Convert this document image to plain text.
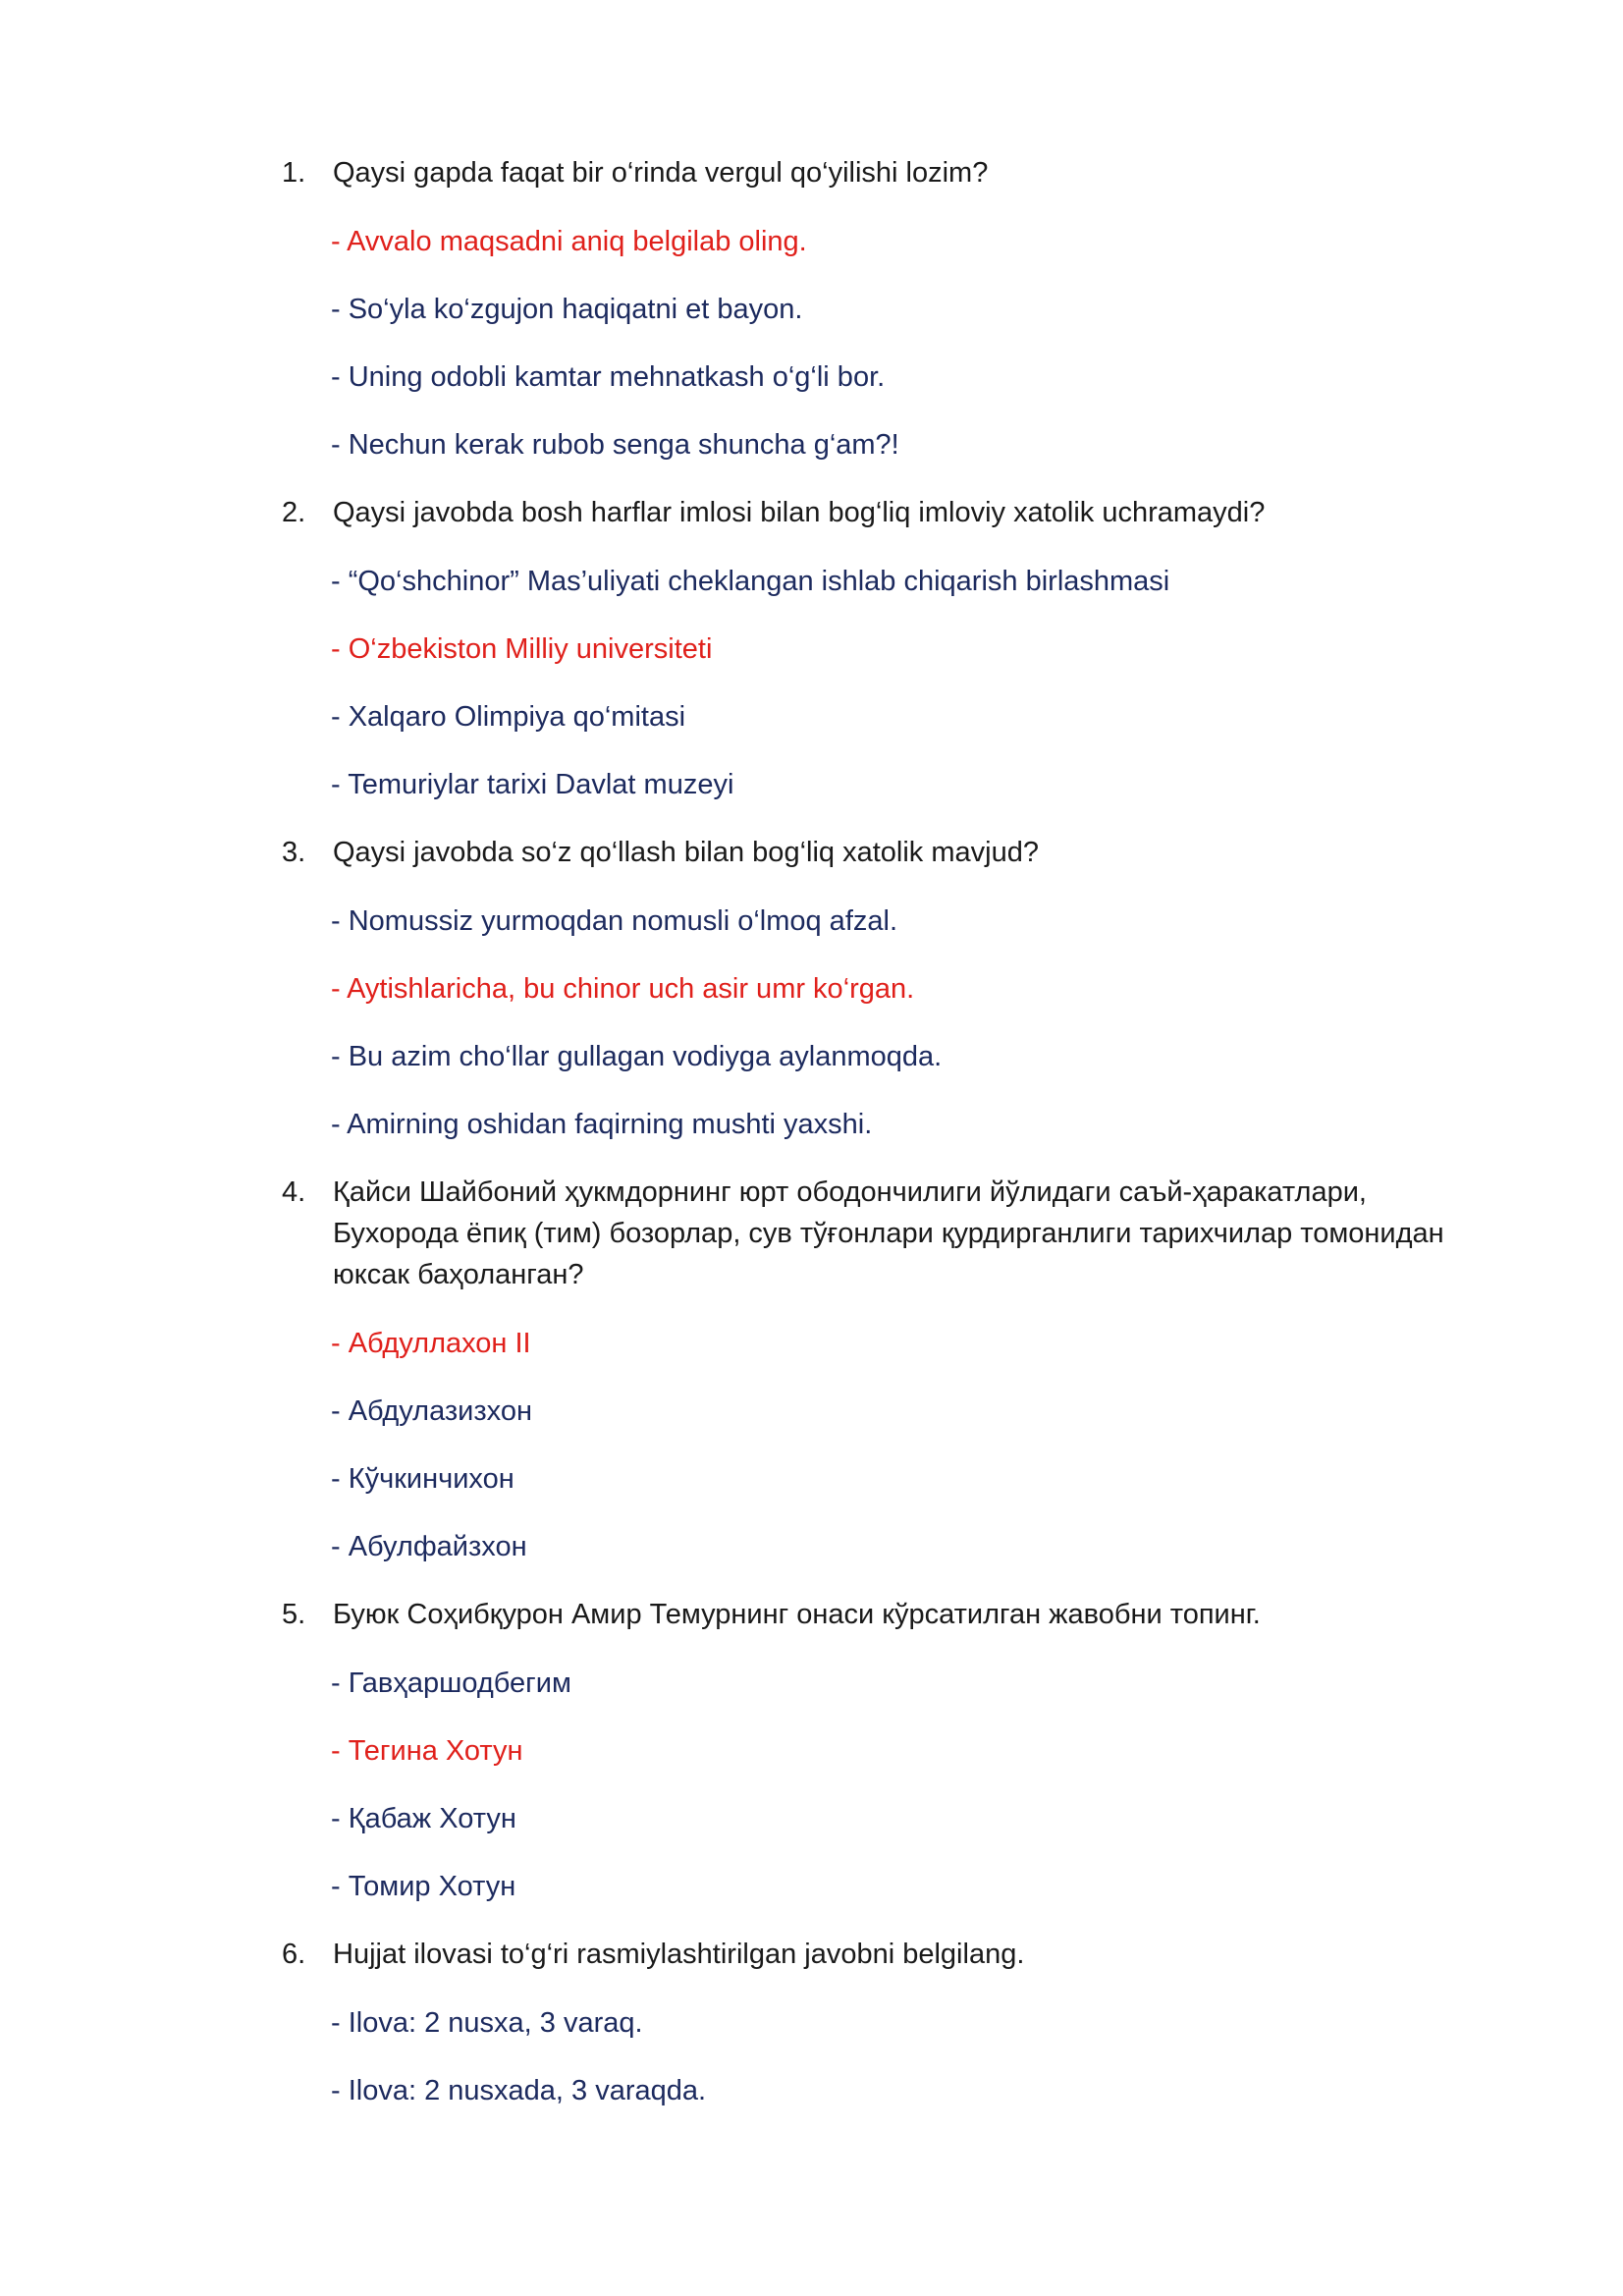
1. Qaysi gapda faqat bir o‘rinda vergul qo‘yilishi lozim?
- Avvalo maqsadni aniq belgilab oling.
- So‘yla ko‘zgujon haqiqatni et bayon.
- Uning odobli kamtar mehnatkash o‘g‘li bor.
- Nechun kerak rubob senga shuncha g‘am?!
2. Qaysi javobda bosh harflar imlosi bilan bog‘liq imloviy xatolik uchramaydi?
- “Qo‘shchinor” Mas’uliyati cheklangan ishlab chiqarish birlashmasi
- O‘zbekiston Milliy universiteti
- Xalqaro Olimpiya qo‘mitasi
- Temuriylar tarixi Davlat muzeyi
3. Qaysi javobda so‘z qo‘llash bilan bog‘liq xatolik mavjud?
- Nomussiz yurmoqdan nomusli o‘lmoq afzal.
- Aytishlaricha, bu chinor uch asir umr ko‘rgan.
- Bu azim cho‘llar gullagan vodiyga aylanmoqda.
- Amirning oshidan faqirning mushti yaxshi.
4. Қайси Шайбоний ҳукмдорнинг юрт ободончилиги йўлидаги саъй-ҳаракатлари,
Бухорода ёпиқ (тим) бозорлар, сув тўғонлари қурдирганлиги тарихчилар томонидан юксак баҳоланган?
- Абдуллахон II
- Абдулазизхон
- Кўчкинчихон
- Абулфайзхон
5. Буюк Соҳибқурон Амир Темурнинг онаси кўрсатилган жавобни топинг.
- Гавҳаршодбегим
- Тегина Хотун
- Қабаж Хотун
- Томир Хотун
6. Hujjat ilovasi to‘g‘ri rasmiylashtirilgan javobni belgilang.
- Ilova: 2 nusxa, 3 varaq.
- Ilova: 2 nusxada, 3 varaqda.
